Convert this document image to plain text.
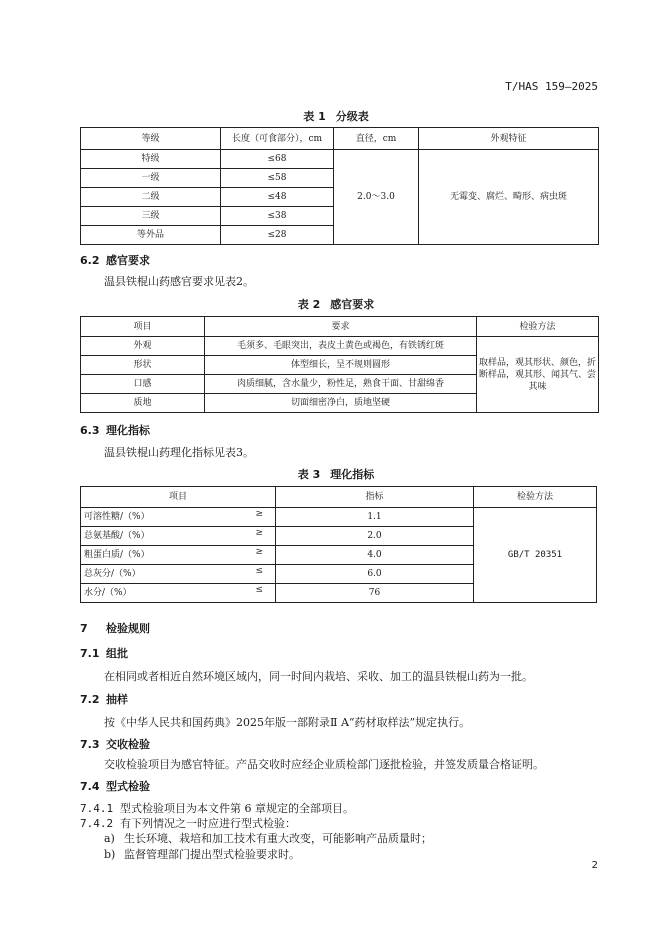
T/HAS 159—2025
表 1 分级表
等级	长度（可食部分），cm	直径，cm	外观特征
特级	≤68	2.0～3.0	无霉变、腐烂、畸形、病虫斑
一级	≤58		
二级	≤48		
三级	≤38		
等外品	≤28		
6.2 感官要求
温县铁棍山药感官要求见表2。
表 2 感官要求
项目	要求	检验方法
外观	毛须多、毛眼突出，表皮土黄色或褐色，有铁锈红斑	取样品，观其形状、颜色，折断样品，观其形、闻其气、尝其味
形状	体型细长，呈不规则圆形	
口感	肉质细腻，含水量少，粉性足，熟食干面、甘甜绵香	
质地	切面细密净白，质地坚硬	
6.3 理化指标
温县铁棍山药理化指标见表3。
表 3 理化指标
项目	指标	检验方法
可溶性糖/（%） ≥	1.1	GB/T 20351
总氨基酸/（%） ≥	2.0	
粗蛋白质/（%） ≥	4.0	
总灰分/（%） ≤	6.0	
水分/（%） ≤	76	
7 检验规则
7.1 组批
在相同或者相近自然环境区域内，同一时间内栽培、采收、加工的温县铁棍山药为一批。
7.2 抽样
按《中华人民共和国药典》2025年版一部附录Ⅱ A“药材取样法”规定执行。
7.3 交收检验
交收检验项目为感官特征。产品交收时应经企业质检部门逐批检验，并签发质量合格证明。
7.4 型式检验
7.4.1 型式检验项目为本文件第 6 章规定的全部项目。
7.4.2 有下列情况之一时应进行型式检验：
a) 生长环境、栽培和加工技术有重大改变，可能影响产品质量时；
b) 监督管理部门提出型式检验要求时。
2
